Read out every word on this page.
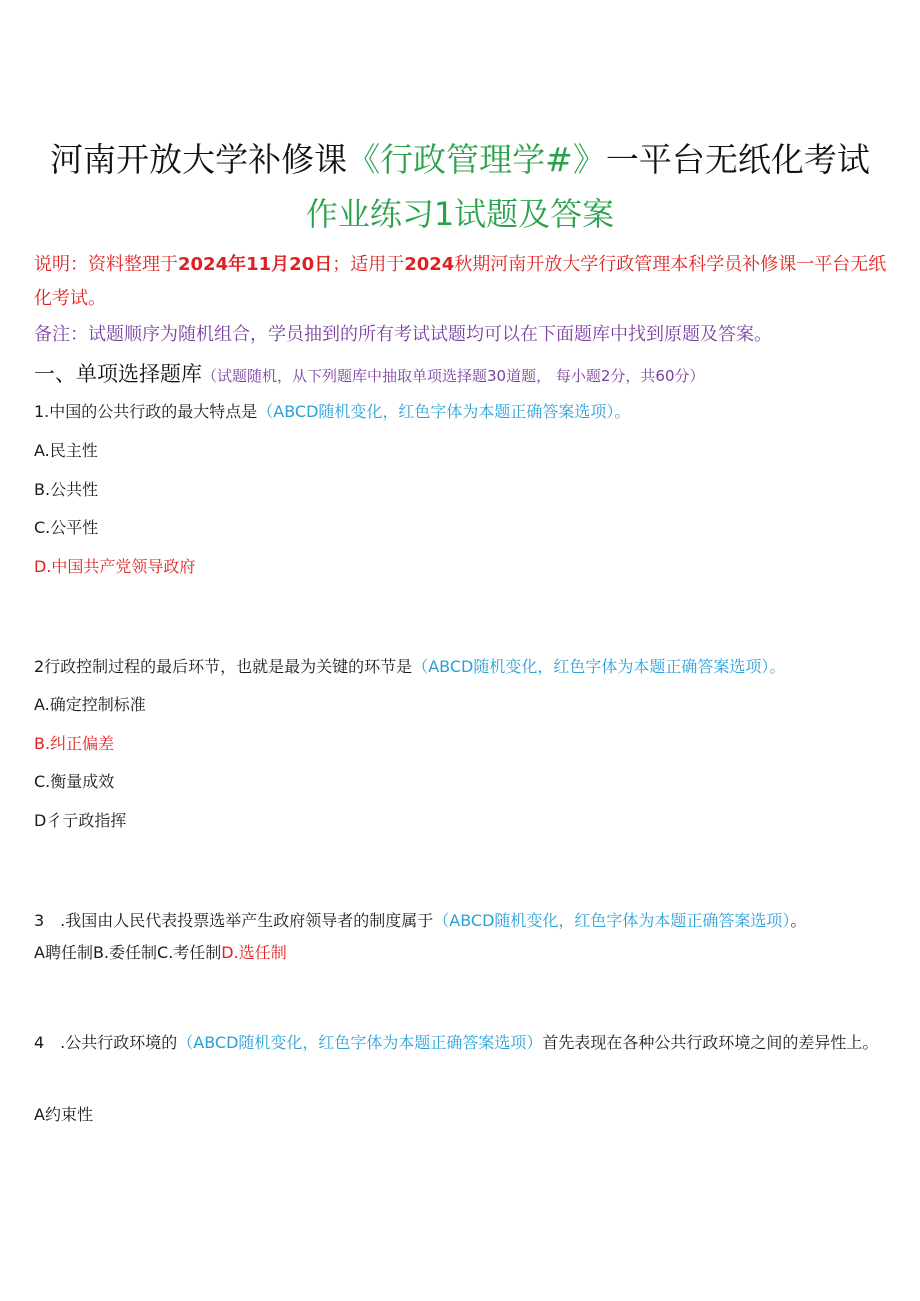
河南开放大学补修课《行政管理学#》一平台无纸化考试
作业练习1试题及答案
说明：资料整理于2024年11月20日；适用于2024秋期河南开放大学行政管理本科学员补修课一平台无纸化考试。
备注：试题顺序为随机组合，学员抽到的所有考试试题均可以在下面题库中找到原题及答案。
一、单项选择题库（试题随机，从下列题库中抽取单项选择题30道题， 每小题2分，共60分）
1.中国的公共行政的最大特点是（ABCD随机变化，红色字体为本题正确答案选项）。
A.民主性
B.公共性
C.公平性
D.中国共产党领导政府
2行政控制过程的最后环节，也就是最为关键的环节是（ABCD随机变化，红色字体为本题正确答案选项）。
A.确定控制标准
B.纠正偏差
C.衡量成效
D彳亍政指挥
3　.我国由人民代表投票选举产生政府领导者的制度属于（ABCD随机变化，红色字体为本题正确答案选项）。
A聘任制B.委任制C.考任制D.选任制
4　.公共行政环境的（ABCD随机变化，红色字体为本题正确答案选项）首先表现在各种公共行政环境之间的差异性上。
A约束性
